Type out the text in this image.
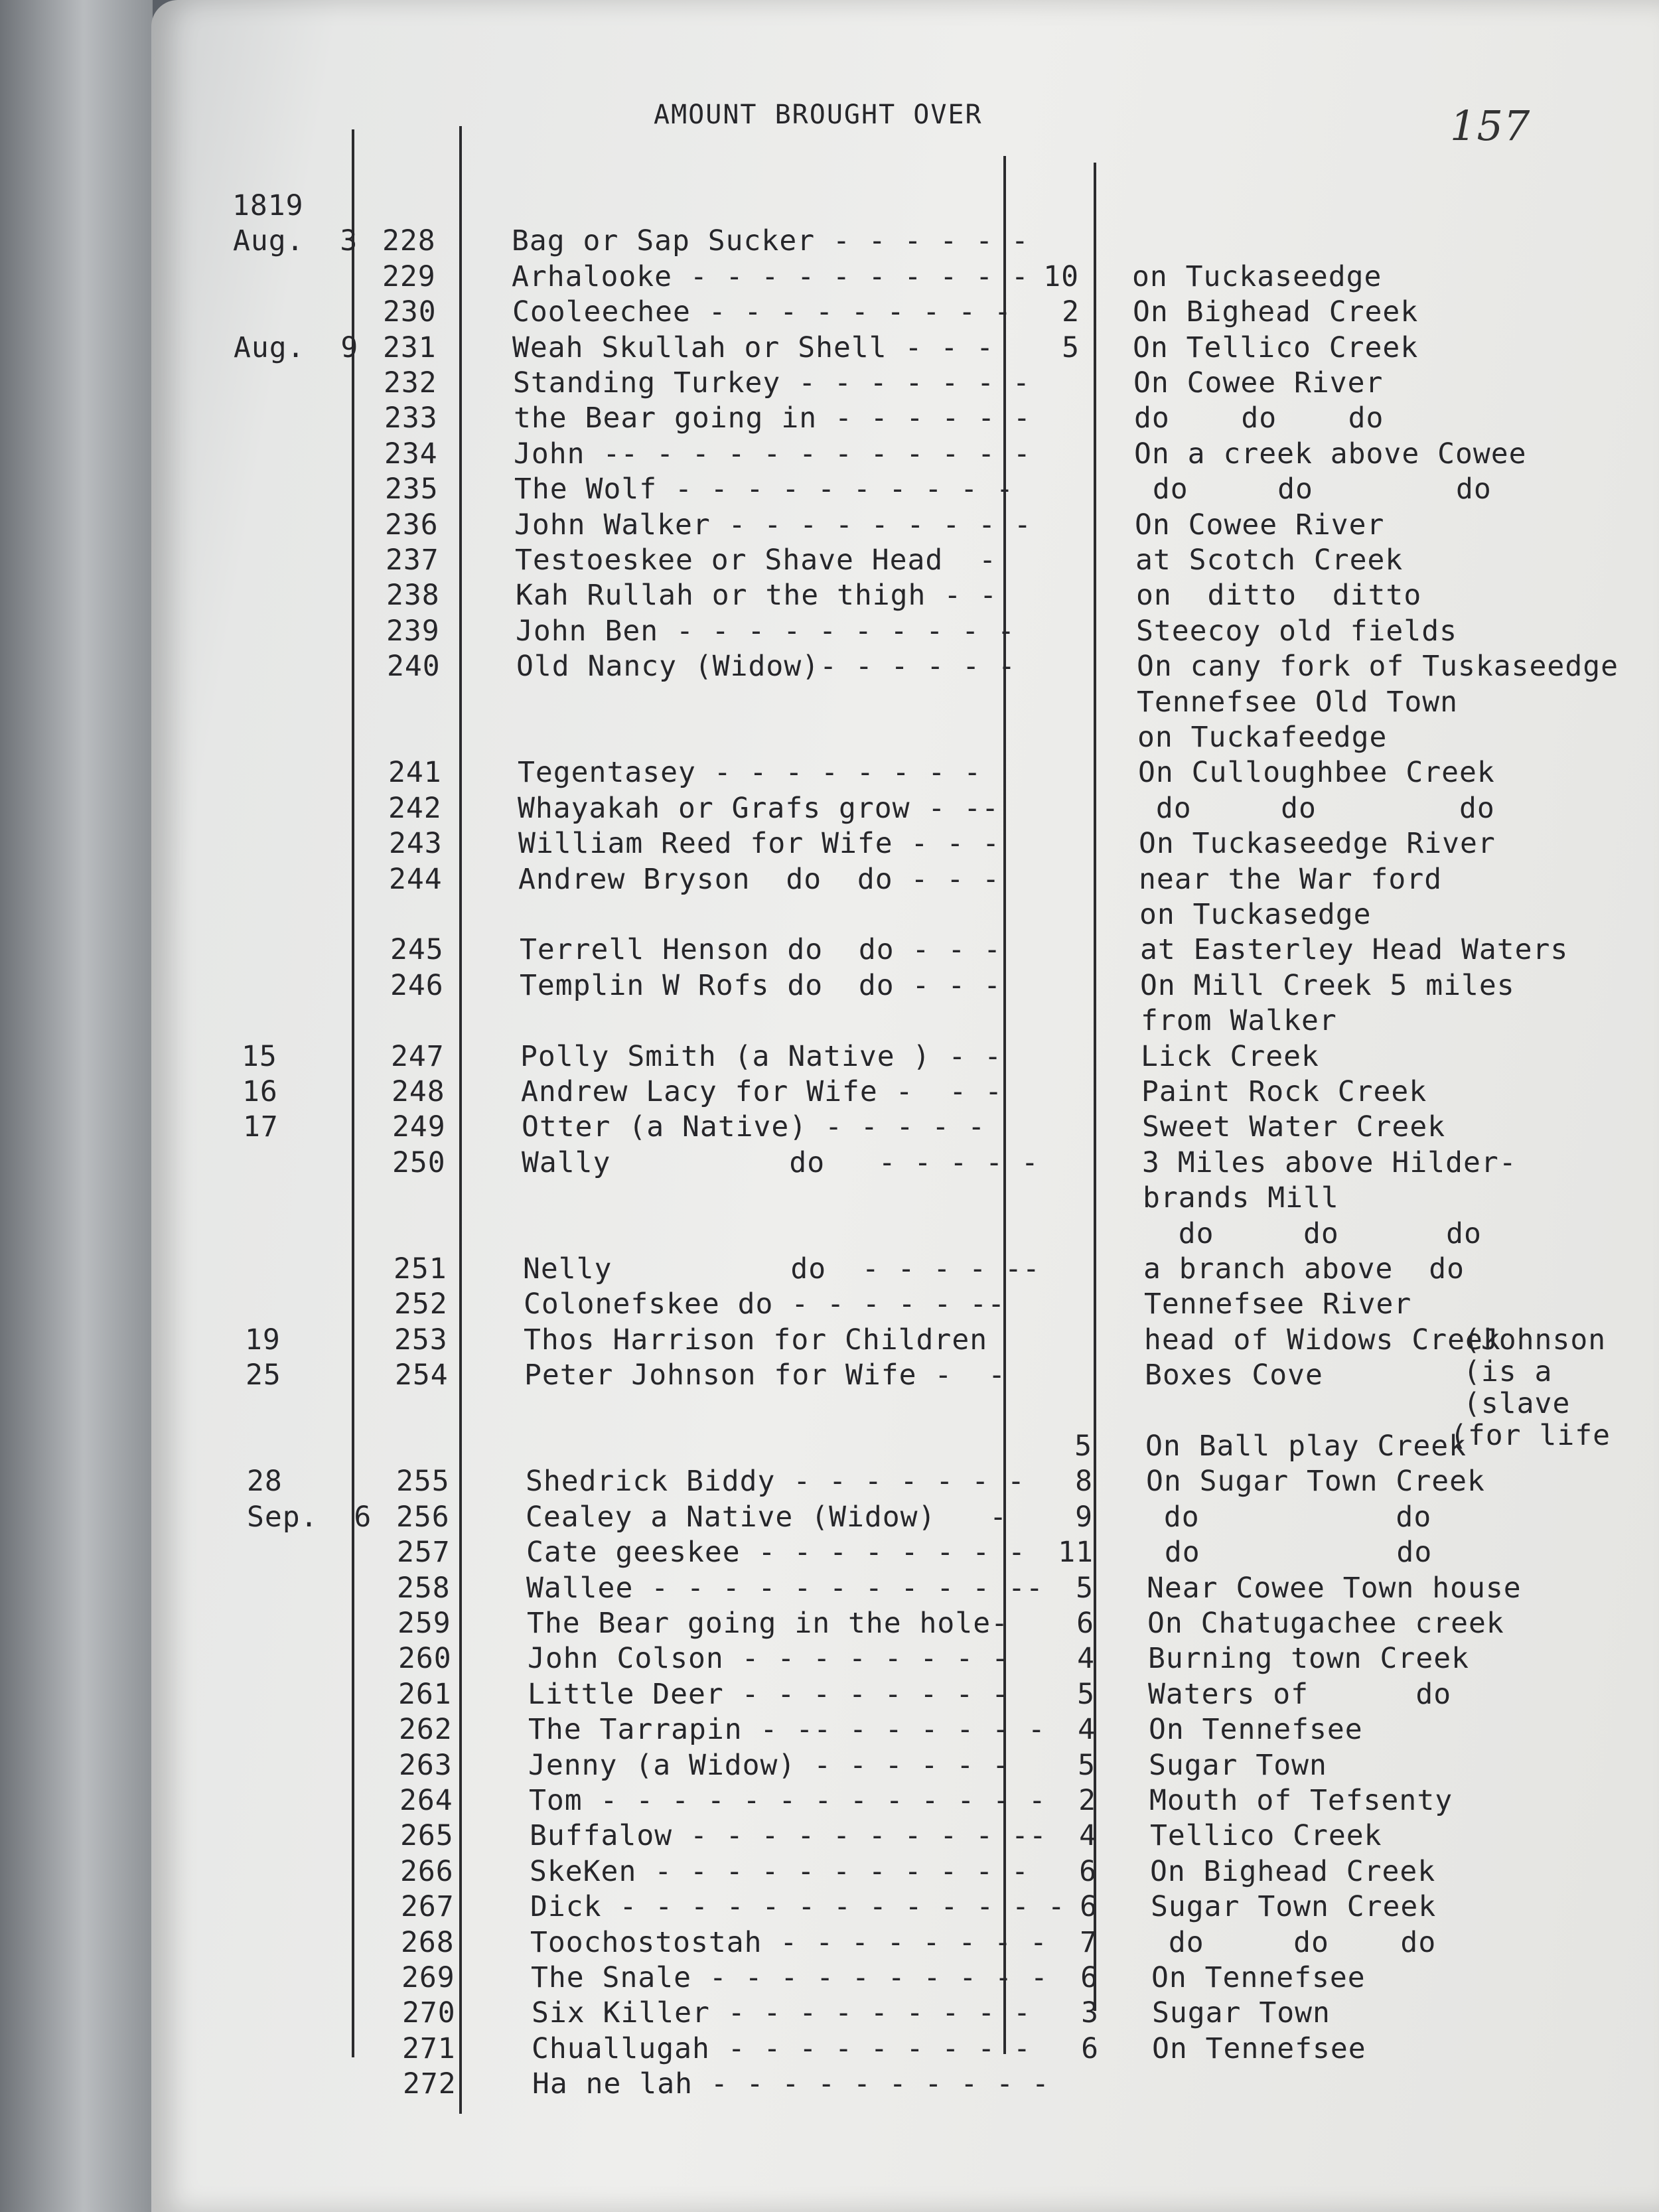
AMOUNT BROUGHT OVER	157
1819
Aug.  3 228	Bag or Sap Sucker - - - - - -
229	Arhalooke - - - - - - - - - - 10 on Tuckaseedge
230	Cooleechee - - - - - - - - -	2 On Bighead Creek
Aug.  9 231	Weah Skullah or Shell - - -	5 On Tellico Creek
232	Standing Turkey - - - - - - -	On Cowee River
233	the Bear going in - - - - - -	do    do    do
234	John -- - - - - - - - - - - -	On a creek above Cowee
235	The Wolf - - - - - - - - - -	do     do        do
236	John Walker - - - - - - - - -	On Cowee River
237	Testoeskee or Shave Head  -	at Scotch Creek
238	Kah Rullah or the thigh - -	on  ditto  ditto
239	John Ben - - - - - - - - - -	Steecoy old fields
240	Old Nancy (Widow)- - - - - -	On cany fork of Tuskaseedge
Tennefsee Old Town
on Tuckafeedge
241	Tegentasey - - - - - - - -	On Culloughbee Creek
242	Whayakah or Grafs grow - --	do     do        do
243	William Reed for Wife - - -	On Tuckaseedge River
244	Andrew Bryson  do  do - - -	near the War ford
on Tuckasedge
245	Terrell Henson do  do - - -	at Easterley Head Waters
246	Templin W Rofs do  do - - -	On Mill Creek 5 miles
from Walker
15	247	Polly Smith (a Native ) - -	Lick Creek
16	248	Andrew Lacy for Wife -  - -	Paint Rock Creek
17	249	Otter (a Native) - - - - -	Sweet Water Creek
250	Wally          do   - - - - -	3 Miles above Hilder-
brands Mill
do     do      do
251	Nelly          do  - - - - --	a branch above  do
252	Colonefskee do - - - - - --	Tennefsee River
19	253	Thos Harrison for Children	head of Widows Creek
25	254	Peter Johnson for Wife -  -	Boxes Cove
5 On Ball play Creek
28	255	Shedrick Biddy - - - - - - -	8 On Sugar Town Creek
Sep.  6 256	Cealey a Native (Widow)   -	9 do           do
257	Cate geeskee - - - - - - - -	11 do           do
258	Wallee - - - - - - - - - - --	5 Near Cowee Town house
259	The Bear going in the hole-	6 On Chatugachee creek
260	John Colson - - - - - - - -	4 Burning town Creek
261	Little Deer - - - - - - - -	5 Waters of      do
262	The Tarrapin - -- - - - - - -	4 On Tennefsee
263	Jenny (a Widow) - - - - - -	5 Sugar Town
264	Tom - - - - - - - - - - - - -	2 Mouth of Tefsenty
265	Buffalow - - - - - - - - - --	4 Tellico Creek
266	SkeKen - - - - - - - - - - -	6 On Bighead Creek
267	Dick - - - - - - - - - - - - - 6 Sugar Town Creek
268	Toochostostah - - - - - - - -	7 do     do    do
269	The Snale - - - - - - - - - -	6 On Tennefsee
270	Six Killer - - - - - - - - -	3 Sugar Town
271	Chuallugah - - - - - - - - -	6 On Tennefsee
272	Ha ne lah - - - - - - - - - -
(Johnson
(is a
(slave
(for life
